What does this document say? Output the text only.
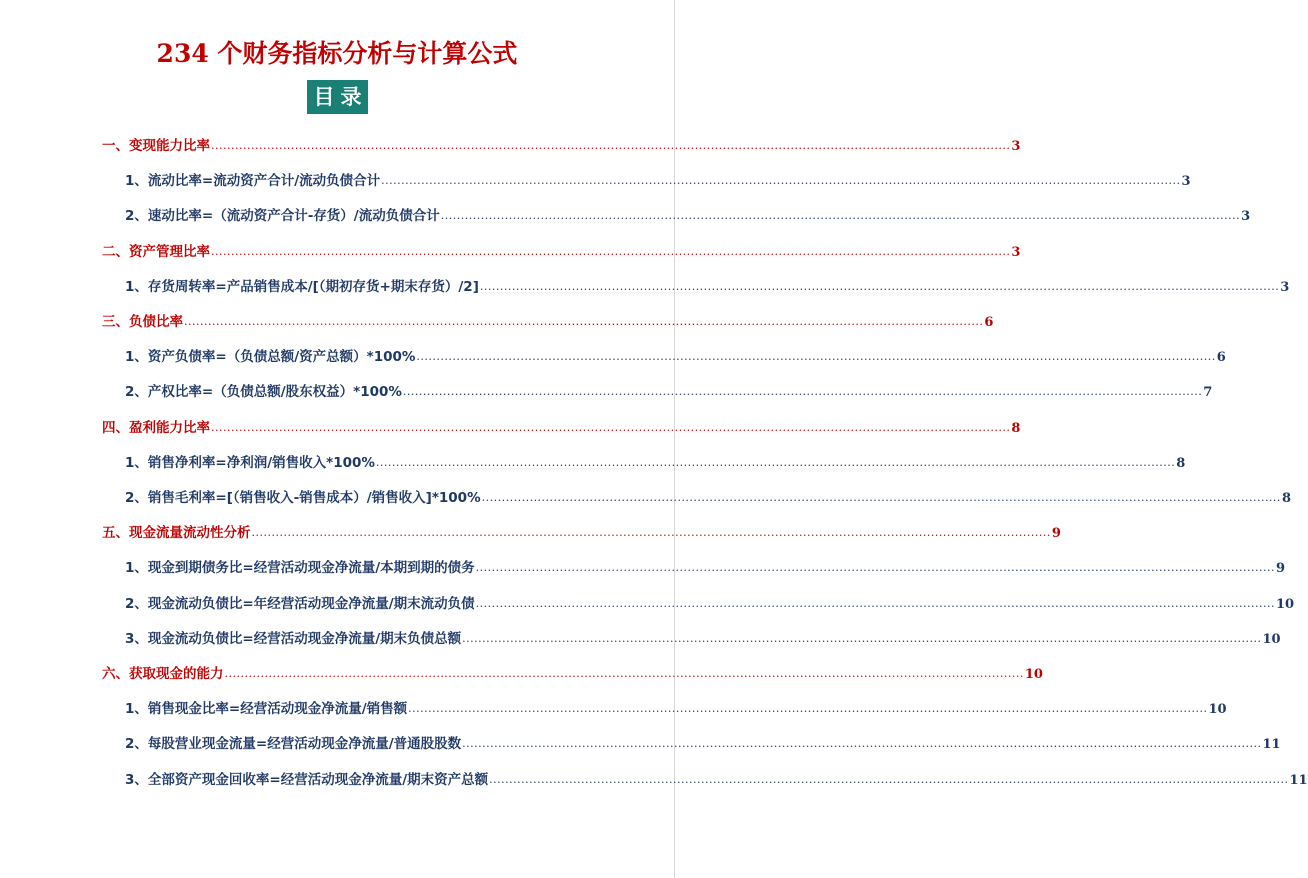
234 个财务指标分析与计算公式
目录
一、变现能力比率 ........................................................................................................................................................................................................ 3
1、流动比率=流动资产合计/流动负债合计 ........................................................................................................................................................................................................ 3
2、速动比率=（流动资产合计-存货）/流动负债合计 ........................................................................................................................................................................................................ 3
二、资产管理比率 ........................................................................................................................................................................................................ 3
1、存货周转率=产品销售成本/[（期初存货+期末存货）/2] ........................................................................................................................................................................................................ 3
三、负债比率 ........................................................................................................................................................................................................ 6
1、资产负债率=（负债总额/资产总额）*100% ........................................................................................................................................................................................................ 6
2、产权比率=（负债总额/股东权益）*100% ........................................................................................................................................................................................................ 7
四、盈利能力比率 ........................................................................................................................................................................................................ 8
1、销售净利率=净利润/销售收入*100% ........................................................................................................................................................................................................ 8
2、销售毛利率=[（销售收入-销售成本）/销售收入]*100% ........................................................................................................................................................................................................ 8
五、现金流量流动性分析 ........................................................................................................................................................................................................ 9
1、现金到期债务比=经营活动现金净流量/本期到期的债务 ........................................................................................................................................................................................................ 9
2、现金流动负债比=年经营活动现金净流量/期末流动负债 ........................................................................................................................................................................................................ 10
3、现金流动负债比=经营活动现金净流量/期末负债总额 ........................................................................................................................................................................................................ 10
六、获取现金的能力 ........................................................................................................................................................................................................ 10
1、销售现金比率=经营活动现金净流量/销售额 ........................................................................................................................................................................................................ 10
2、每股营业现金流量=经营活动现金净流量/普通股股数 ........................................................................................................................................................................................................ 11
3、全部资产现金回收率=经营活动现金净流量/期末资产总额 ........................................................................................................................................................................................................ 11
